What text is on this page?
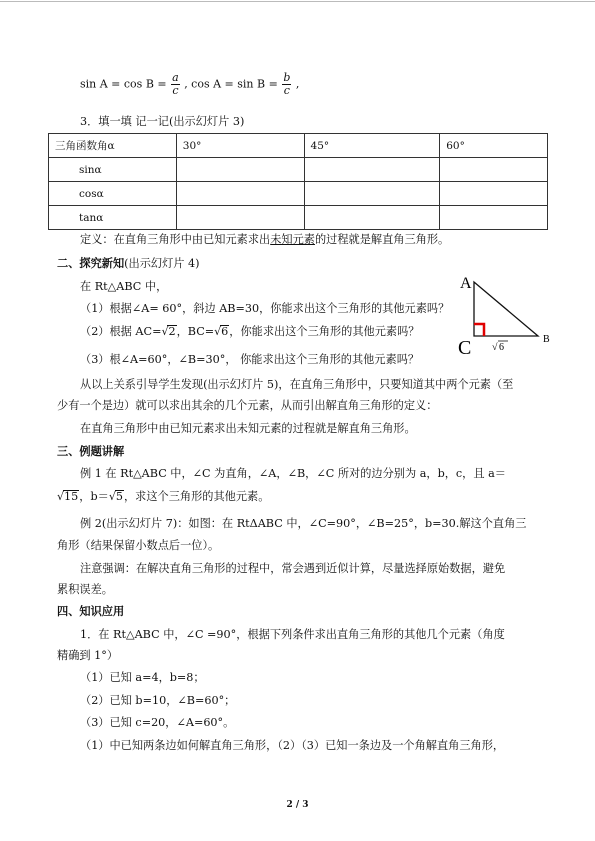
$\sin A = \cos B = \frac{a}{c}$ , $\cos A = \sin B = \frac{b}{c}$ ,
3．填一填 记一记(出示幻灯片 3)
三角函数角α	30°	45°	60°
sinα			
cosα			
tanα			
定义：在直角三角形中由已知元素求出未知元素的过程就是解直角三角形。
二、探究新知(出示幻灯片 4)
在 Rt△ABC 中，
（1）根据∠A= 60°，斜边 AB=30，你能求出这个三角形的其他元素吗？
（2）根据 AC=√2，BC=√6，你能求出这个三角形的其他元素吗？
（3）根∠A=60°，∠B=30°， 你能求出这个三角形的其他元素吗？
从以上关系引导学生发现(出示幻灯片 5)，在直角三角形中，只要知道其中两个元素（至
少有一个是边）就可以求出其余的几个元素，从而引出解直角三角形的定义：
在直角三角形中由已知元素求出未知元素的过程就是解直角三角形。
A
C	B
√ 6
三、例题讲解
例 1 在 Rt△ABC 中，∠C 为直角，∠A，∠B，∠C 所对的边分别为 a，b，c，且 a＝
√15，b＝√5，求这个三角形的其他元素。
例 2(出示幻灯片 7)：如图：在 RtΔABC 中，∠C=90°，∠B=25°，b=30.解这个直角三
角形（结果保留小数点后一位）。
注意强调：在解决直角三角形的过程中，常会遇到近似计算，尽量选择原始数据，避免
累积误差。
四、知识应用
1．在 Rt△ABC 中，∠C =90°，根据下列条件求出直角三角形的其他几个元素（角度
精确到 1°）
（1）已知 a=4，b=8；
（2）已知 b=10，∠B=60°；
（3）已知 c=20，∠A=60°。
（1）中已知两条边如何解直角三角形，（2）（3）已知一条边及一个角解直角三角形，
2 / 3
